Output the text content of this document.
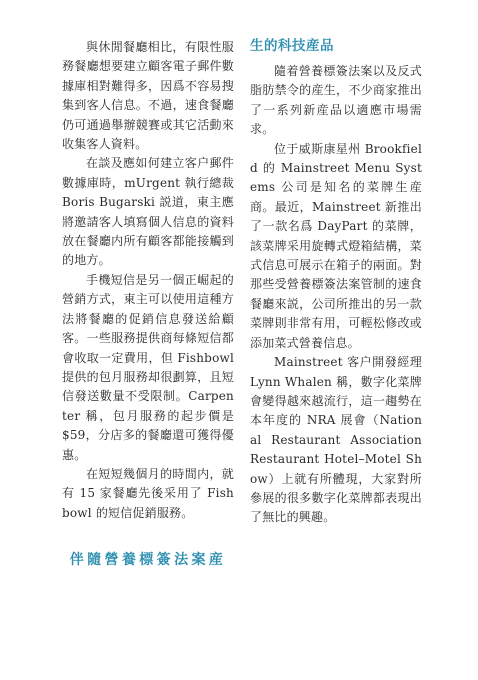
與休閒餐廳相比，有限性服務餐廳想要建立顧客電子郵件數據庫相對難得多，因爲不容易搜集到客人信息。不過，速食餐廳仍可通過舉辦競賽或其它活動來收集客人資料。

在談及應如何建立客户郵件數據庫時，mUrgent 執行總裁 Boris Bugarski 説道，東主應將邀請客人填寫個人信息的資料放在餐廳内所有顧客都能接觸到的地方。

手機短信是另一個正崛起的營銷方式，東主可以使用這種方法將餐廳的促銷信息發送給顧客。一些服務提供商每條短信都會收取一定費用，但 Fishbowl 提供的包月服務却很劃算，且短信發送數量不受限制。Carpenter 稱，包月服務的起步價是 $59，分店多的餐廳還可獲得優惠。

在短短幾個月的時間内，就有 15 家餐廳先後采用了 Fishbowl 的短信促銷服務。

伴隨營養標簽法案産
生的科技産品

隨着營養標簽法案以及反式脂肪禁令的産生，不少商家推出了一系列新産品以適應市場需求。

位于威斯康星州 Brookfield 的 Mainstreet Menu Systems 公司是知名的菜牌生産商。最近，Mainstreet 新推出了一款名爲 DayPart 的菜牌，該菜牌采用旋轉式燈箱結構，菜式信息可展示在箱子的兩面。對那些受營養標簽法案管制的速食餐廳來説，公司所推出的另一款菜牌則非常有用，可輕松修改或添加菜式營養信息。

Mainstreet 客户開發經理 Lynn Whalen 稱，數字化菜牌會變得越來越流行，這一趨勢在本年度的 NRA 展會（National Restaurant Association Restaurant Hotel–Motel Show）上就有所體現，大家對所參展的很多數字化菜牌都表現出了無比的興趣。
